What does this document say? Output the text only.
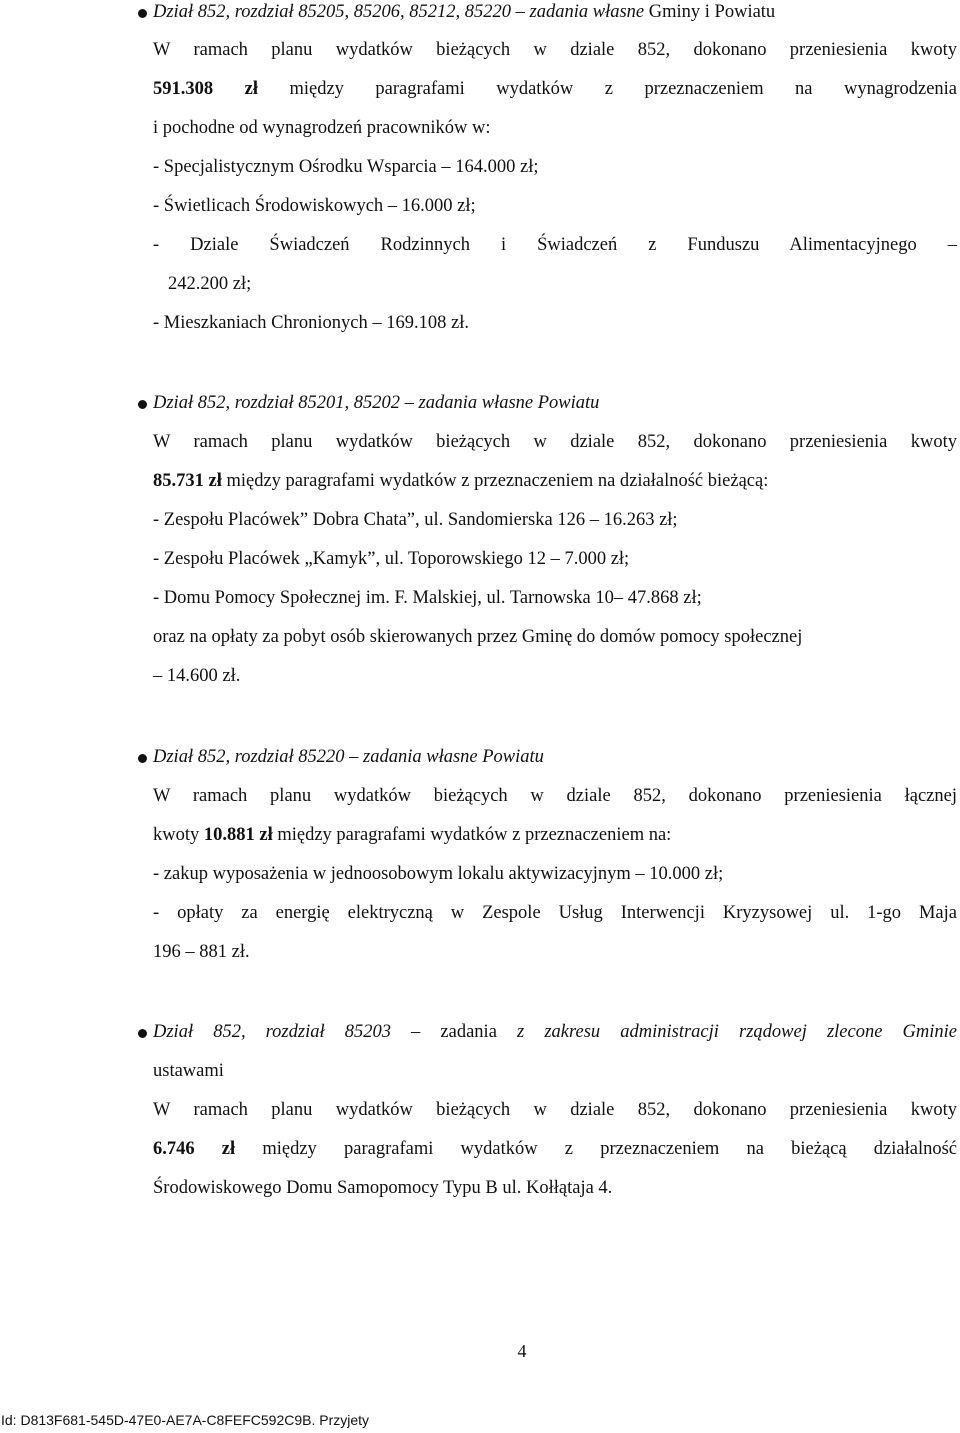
Dział 852, rozdział 85205, 85206, 85212, 85220 – zadania własne Gminy i Powiatu
W ramach planu wydatków bieżących w dziale 852, dokonano przeniesienia kwoty
591.308 zł między paragrafami wydatków z przeznaczeniem na wynagrodzenia
i pochodne od wynagrodzeń pracowników w:
- Specjalistycznym Ośrodku Wsparcia – 164.000 zł;
- Świetlicach Środowiskowych – 16.000 zł;
- Dziale Świadczeń Rodzinnych i Świadczeń z Funduszu Alimentacyjnego –
242.200 zł;
- Mieszkaniach Chronionych – 169.108 zł.
Dział 852, rozdział 85201, 85202 – zadania własne Powiatu
W ramach planu wydatków bieżących w dziale 852, dokonano przeniesienia kwoty
85.731 zł między paragrafami wydatków z przeznaczeniem na działalność bieżącą:
- Zespołu Placówek” Dobra Chata”, ul. Sandomierska 126 – 16.263 zł;
- Zespołu Placówek „Kamyk”, ul. Toporowskiego 12 – 7.000 zł;
- Domu Pomocy Społecznej im. F. Malskiej, ul. Tarnowska 10– 47.868 zł;
oraz na opłaty za pobyt osób skierowanych przez Gminę do domów pomocy społecznej
– 14.600 zł.
Dział 852, rozdział 85220 – zadania własne Powiatu
W ramach planu wydatków bieżących w dziale 852, dokonano przeniesienia łącznej
kwoty 10.881 zł między paragrafami wydatków z przeznaczeniem na:
- zakup wyposażenia w jednoosobowym lokalu aktywizacyjnym – 10.000 zł;
- opłaty za energię elektryczną w Zespole Usług Interwencji Kryzysowej ul. 1-go Maja
196 – 881 zł.
Dział 852, rozdział 85203 – zadania z zakresu administracji rządowej zlecone Gminie
ustawami
W ramach planu wydatków bieżących w dziale 852, dokonano przeniesienia kwoty
6.746 zł między paragrafami wydatków z przeznaczeniem na bieżącą działalność
Środowiskowego Domu Samopomocy Typu B ul. Kołłątaja 4.
4
Id: D813F681-545D-47E0-AE7A-C8FEFC592C9B. Przyjety
